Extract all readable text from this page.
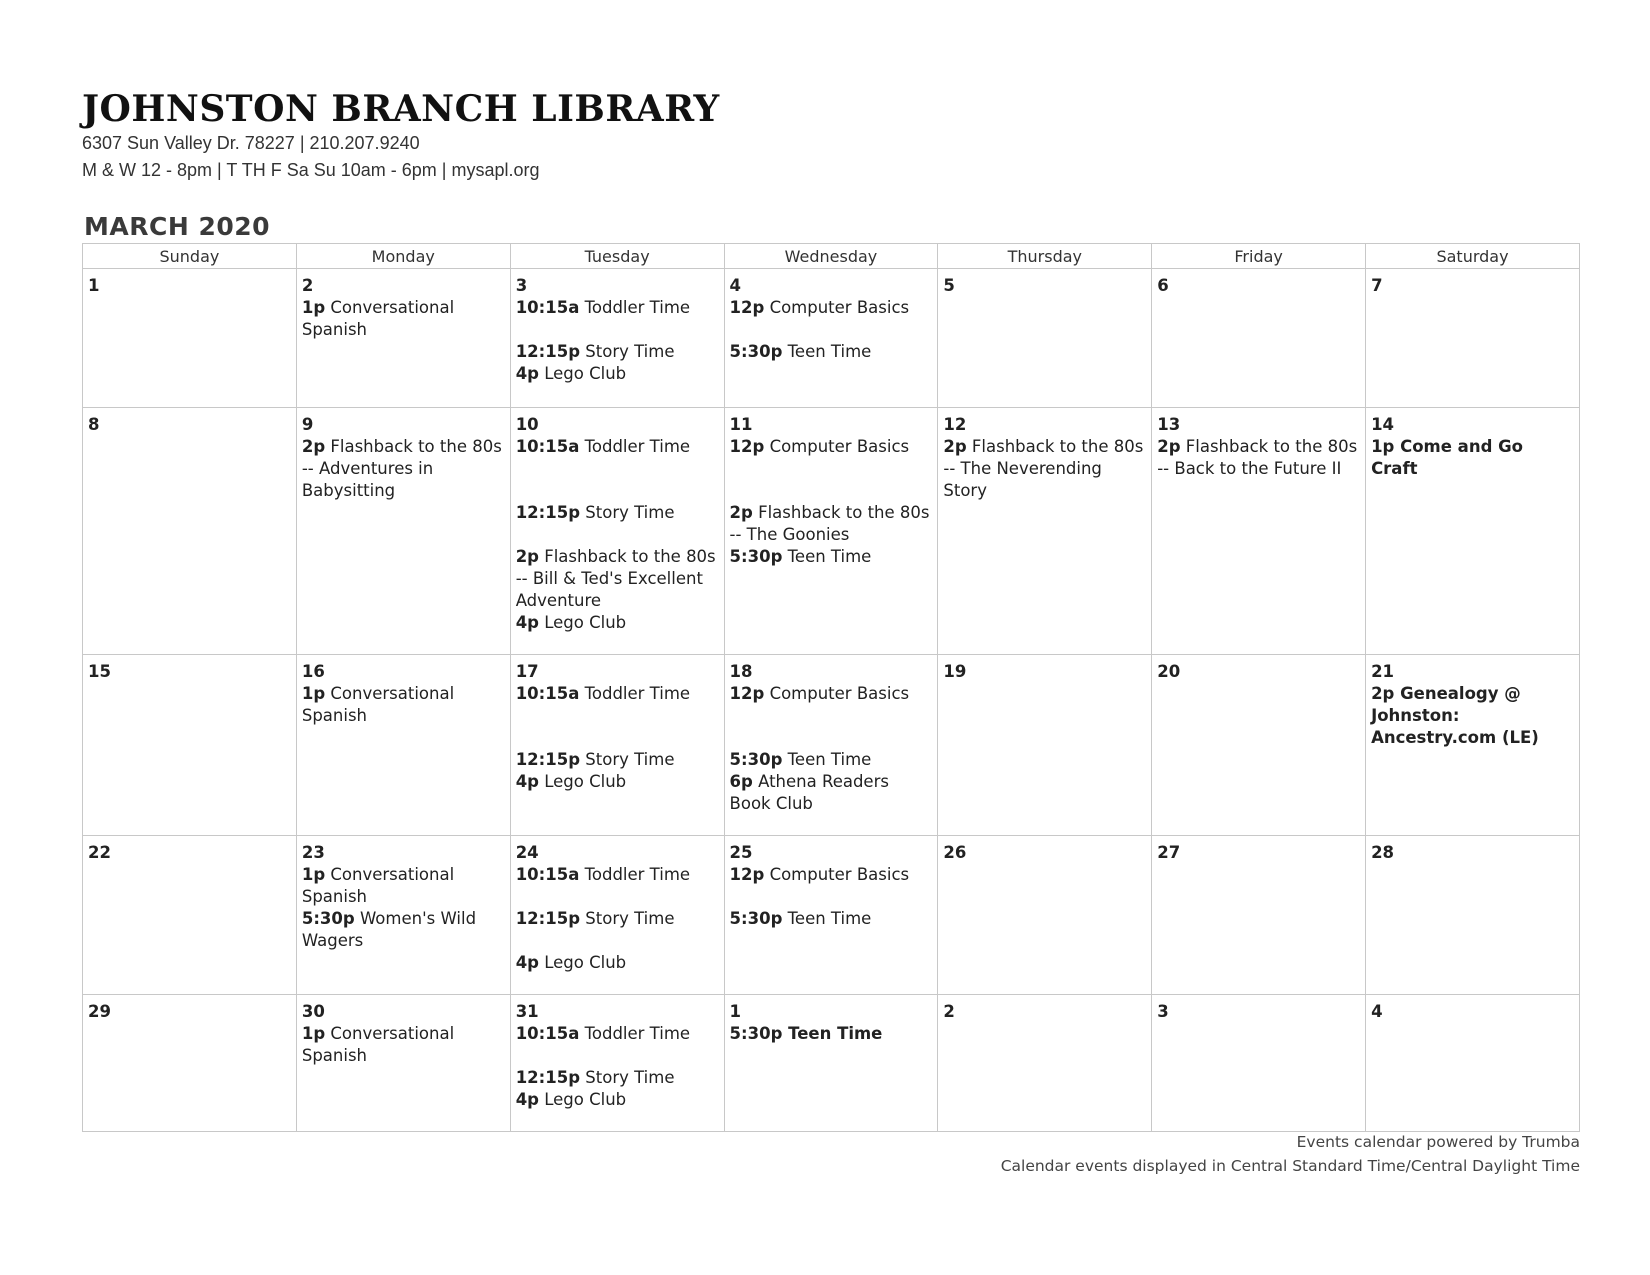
JOHNSTON BRANCH LIBRARY
6307 Sun Valley Dr. 78227 | 210.207.9240
M & W 12 - 8pm | T TH F Sa Su 10am - 6pm | mysapl.org
MARCH 2020
Sunday	Monday	Tuesday	Wednesday	Thursday	Friday	Saturday

1	2
1p Conversational Spanish	3
10:15a Toddler Time
12:15p Story Time
4p Lego Club	4
12p Computer Basics
5:30p Teen Time	5	6	7

8	9
2p Flashback to the 80s -- Adventures in Babysitting	10
10:15a Toddler Time
12:15p Story Time
2p Flashback to the 80s -- Bill & Ted's Excellent Adventure
4p Lego Club	11
12p Computer Basics
2p Flashback to the 80s -- The Goonies
5:30p Teen Time	12
2p Flashback to the 80s -- The Neverending Story	13
2p Flashback to the 80s -- Back to the Future II	14
1p Come and Go Craft

15	16
1p Conversational Spanish	17
10:15a Toddler Time
12:15p Story Time
4p Lego Club	18
12p Computer Basics
5:30p Teen Time
6p Athena Readers Book Club	19	20	21
2p Genealogy @ Johnston: Ancestry.com (LE)

22	23
1p Conversational Spanish
5:30p Women's Wild Wagers	24
10:15a Toddler Time
12:15p Story Time
4p Lego Club	25
12p Computer Basics
5:30p Teen Time	26	27	28

29	30
1p Conversational Spanish	31
10:15a Toddler Time
12:15p Story Time
4p Lego Club	1
5:30p Teen Time	2	3	4
Events calendar powered by Trumba
Calendar events displayed in Central Standard Time/Central Daylight Time
